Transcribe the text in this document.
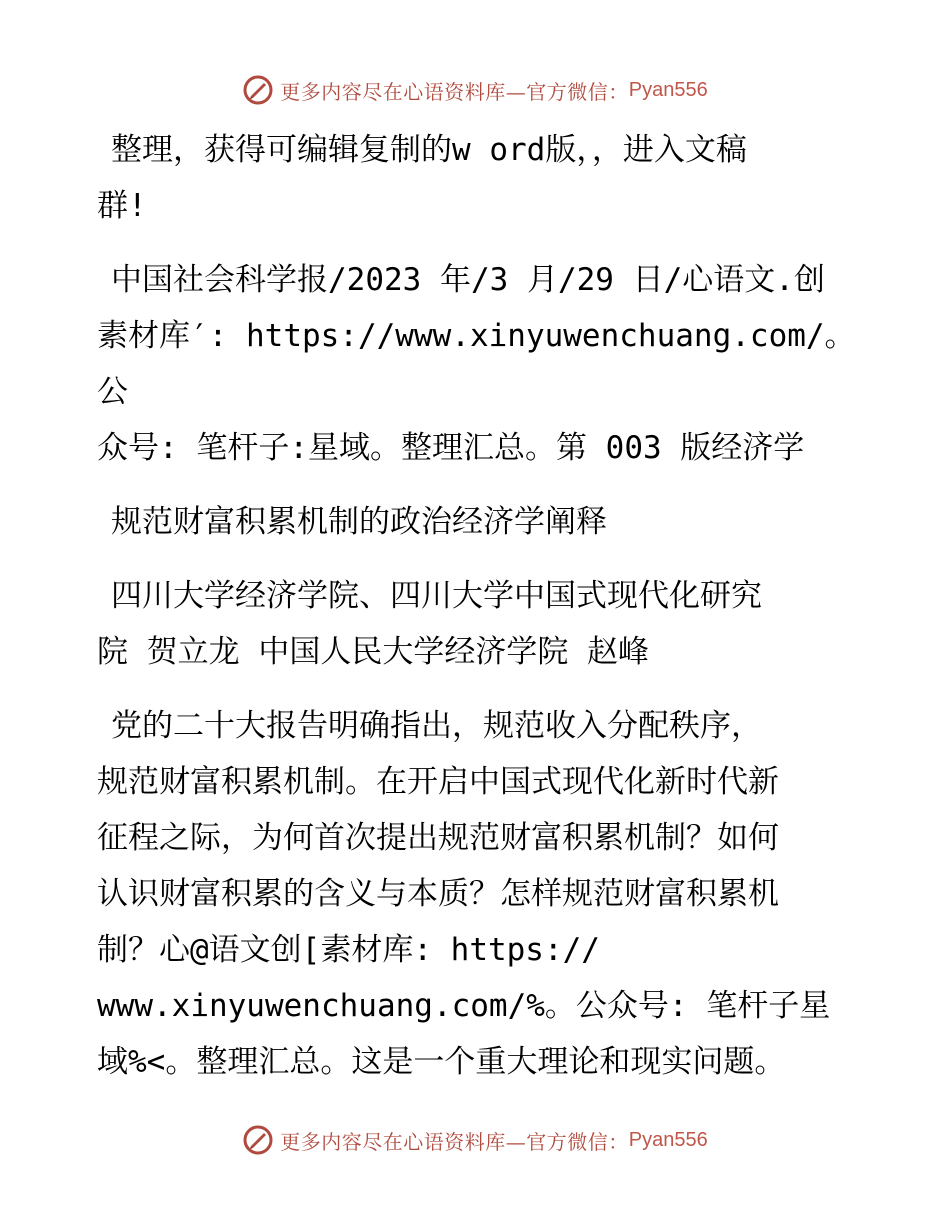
更多内容尽在心语资料库—官方微信： Pyan556

整理，获得可编辑复制的w ord版，，进入文稿

群!

中国社会科学报/2023 年/3 月/29 日/心语文.创

素材库′: https://www.xinyuwenchuang.com/。公

众号: 笔杆子:星域。整理汇总。第 003 版经济学

规范财富积累机制的政治经济学阐释

四川大学经济学院、四川大学中国式现代化研究

院 贺立龙 中国人民大学经济学院 赵峰

党的二十大报告明确指出，规范收入分配秩序，

规范财富积累机制。在开启中国式现代化新时代新

征程之际，为何首次提出规范财富积累机制？如何

认识财富积累的含义与本质？怎样规范财富积累机

制？心@语文创[素材库: https://

www.xinyuwenchuang.com/%。公众号: 笔杆子星

域%<。整理汇总。这是一个重大理论和现实问题。

更多内容尽在心语资料库—官方微信： Pyan556
